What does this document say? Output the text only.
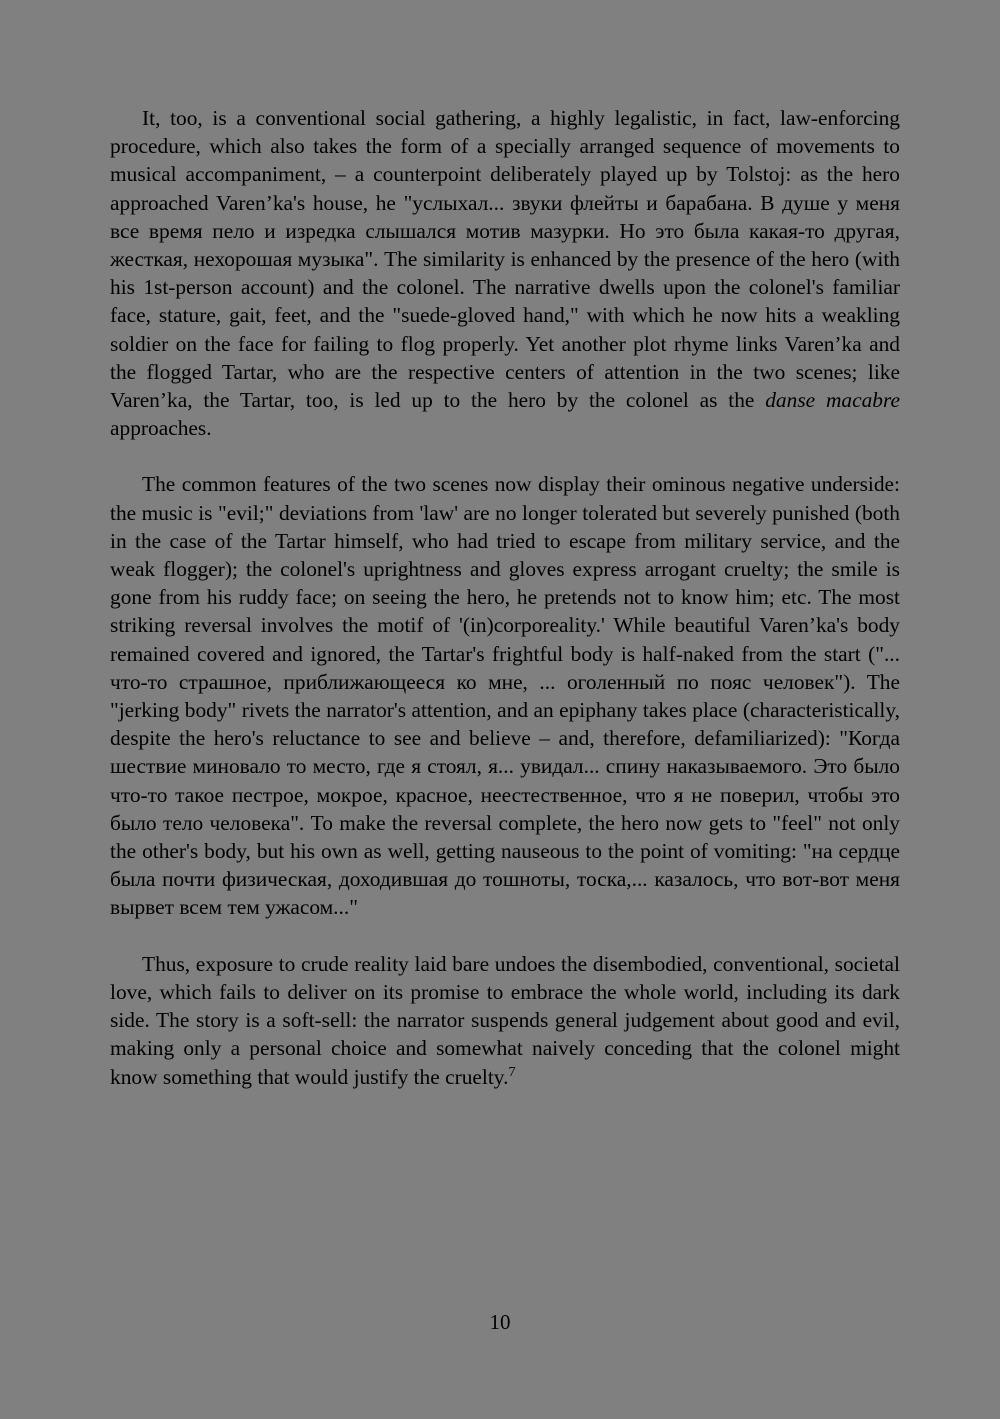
It, too, is a conventional social gathering, a highly legalistic, in fact, law-enforcing procedure, which also takes the form of a specially arranged sequence of movements to musical accompaniment, – a counterpoint deliberately played up by Tolstoj: as the hero approached Varen’ka's house, he "услыхал... звуки флейты и барабана. В душе у меня все время пело и изредка слышался мотив мазурки. Но это была какая-то другая, жесткая, нехорошая музыка". The similarity is enhanced by the presence of the hero (with his 1st-person account) and the colonel. The narrative dwells upon the colonel's familiar face, stature, gait, feet, and the "suede-gloved hand," with which he now hits a weakling soldier on the face for failing to flog properly. Yet another plot rhyme links Varen’ka and the flogged Tartar, who are the respective centers of attention in the two scenes; like Varen’ka, the Tartar, too, is led up to the hero by the colonel as the danse macabre approaches.

The common features of the two scenes now display their ominous negative underside: the music is "evil;" deviations from 'law' are no longer tolerated but severely punished (both in the case of the Tartar himself, who had tried to escape from military service, and the weak flogger); the colonel's uprightness and gloves express arrogant cruelty; the smile is gone from his ruddy face; on seeing the hero, he pretends not to know him; etc. The most striking reversal involves the motif of '(in)corporeality.' While beautiful Varen’ka's body remained covered and ignored, the Tartar's frightful body is half-naked from the start ("... что-то страшное, приближающееся ко мне, ... оголенный по пояс человек"). The "jerking body" rivets the narrator's attention, and an epiphany takes place (characteristically, despite the hero's reluctance to see and believe – and, therefore, defamiliarized): "Когда шествие миновало то место, где я стоял, я... увидал... спину наказываемого. Это было что-то такое пестрое, мокрое, красное, неестественное, что я не поверил, чтобы это было тело человека". To make the reversal complete, the hero now gets to "feel" not only the other's body, but his own as well, getting nauseous to the point of vomiting: "на сердце была почти физическая, доходившая до тошноты, тоска,... казалось, что вот-вот меня вырвет всем тем ужасом..."

Thus, exposure to crude reality laid bare undoes the disembodied, conventional, societal love, which fails to deliver on its promise to embrace the whole world, including its dark side. The story is a soft-sell: the narrator suspends general judgement about good and evil, making only a personal choice and somewhat naively conceding that the colonel might know something that would justify the cruelty.$^7$

10
